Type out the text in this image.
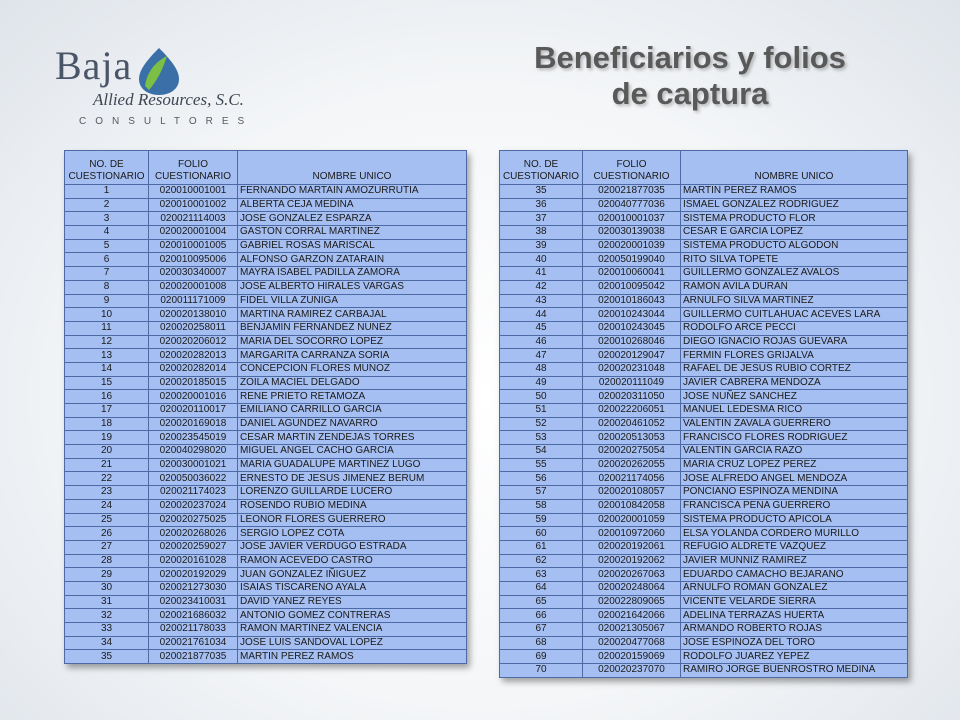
Baja
Allied Resources, S.C.
CONSULTORES
Beneficiarios y folios
de captura
NO. DE CUESTIONARIO	FOLIO CUESTIONARIO	NOMBRE UNICO
1	020010001001	FERNANDO MARTAIN AMOZURRUTIA
2	020010001002	ALBERTA CEJA MEDINA
3	020021114003	JOSE GONZALEZ ESPARZA
4	020020001004	GASTON CORRAL MARTINEZ
5	020010001005	GABRIEL ROSAS MARISCAL
6	020010095006	ALFONSO GARZON ZATARAIN
7	020030340007	MAYRA ISABEL PADILLA ZAMORA
8	020020001008	JOSE ALBERTO HIRALES VARGAS
9	020011171009	FIDEL VILLA ZUÑIGA
10	020020138010	MARTINA RAMIREZ CARBAJAL
11	020020258011	BENJAMIN FERNANDEZ NUÑEZ
12	020020206012	MARIA DEL SOCORRO LOPEZ
13	020020282013	MARGARITA CARRANZA SORIA
14	020020282014	CONCEPCION FLORES MUÑOZ
15	020020185015	ZOILA MACIEL DELGADO
16	020020001016	RENE PRIETO RETAMOZA
17	020020110017	EMILIANO CARRILLO GARCIA
18	020020169018	DANIEL AGUNDEZ NAVARRO
19	020023545019	CESAR MARTIN ZENDEJAS TORRES
20	020040298020	MIGUEL ANGEL CACHO GARCIA
21	020030001021	MARIA GUADALUPE MARTINEZ LUGO
22	020050036022	ERNESTO DE JESUS JIMENEZ BERUM
23	020021174023	LORENZO GUILLARDE LUCERO
24	020020237024	ROSENDO RUBIO MEDINA
25	020020275025	LEONOR FLORES GUERRERO
26	020020268026	SERGIO LOPEZ COTA
27	020020259027	JOSE JAVIER VERDUGO ESTRADA
28	020020161028	RAMON ACEVEDO CASTRO
29	020020192029	JUAN GONZALEZ IÑIGUEZ
30	020021273030	ISAIAS TISCAREÑO AYALA
31	020023410031	DAVID YAÑEZ REYES
32	020021686032	ANTONIO GOMEZ CONTRERAS
33	020021178033	RAMON MARTINEZ VALENCIA
34	020021761034	JOSE LUIS SANDOVAL LOPEZ
35	020021877035	MARTIN PEREZ RAMOS
NO. DE CUESTIONARIO	FOLIO CUESTIONARIO	NOMBRE UNICO
35	020021877035	MARTIN PEREZ RAMOS
36	020040777036	ISMAEL GONZALEZ RODRIGUEZ
37	020010001037	SISTEMA PRODUCTO FLOR
38	020030139038	CESAR E GARCIA LOPEZ
39	020020001039	SISTEMA PRODUCTO ALGODON
40	020050199040	RITO SILVA TOPETE
41	020010060041	GUILLERMO GONZALEZ AVALOS
42	020010095042	RAMON AVILA DURAN
43	020010186043	ARNULFO SILVA MARTINEZ
44	020010243044	GUILLERMO CUITLAHUAC ACEVES LARA
45	020010243045	RODOLFO ARCE PECCI
46	020010268046	DIEGO IGNACIO ROJAS GUEVARA
47	020020129047	FERMIN FLORES GRIJALVA
48	020020231048	RAFAEL DE JESUS RUBIO CORTEZ
49	020020111049	JAVIER CABRERA MENDOZA
50	020020311050	JOSE NUÑEZ SANCHEZ
51	020022206051	MANUEL LEDESMA RICO
52	020020461052	VALENTIN ZAVALA GUERRERO
53	020020513053	FRANCISCO FLORES RODRIGUEZ
54	020020275054	VALENTIN GARCIA RAZO
55	020020262055	MARIA CRUZ LOPEZ PEREZ
56	020021174056	JOSE ALFREDO ANGEL MENDOZA
57	020020108057	PONCIANO ESPINOZA MENDINA
58	020010842058	FRANCISCA PEÑA GUERRERO
59	020020001059	SISTEMA PRODUCTO APICOLA
60	020010972060	ELSA YOLANDA CORDERO MURILLO
61	020020192061	REFUGIO ALDRETE VAZQUEZ
62	020020192062	JAVIER MUNNIZ RAMIREZ
63	020020267063	EDUARDO CAMACHO BEJARANO
64	020020248064	ARNULFO ROMAN GONZALEZ
65	020022809065	VICENTE VELARDE SIERRA
66	020021642066	ADELINA TERRAZAS HUERTA
67	020021305067	ARMANDO ROBERTO ROJAS
68	020020477068	JOSE ESPINOZA DEL TORO
69	020020159069	RODOLFO JUAREZ YEPEZ
70	020020237070	RAMIRO JORGE BUENROSTRO MEDINA
